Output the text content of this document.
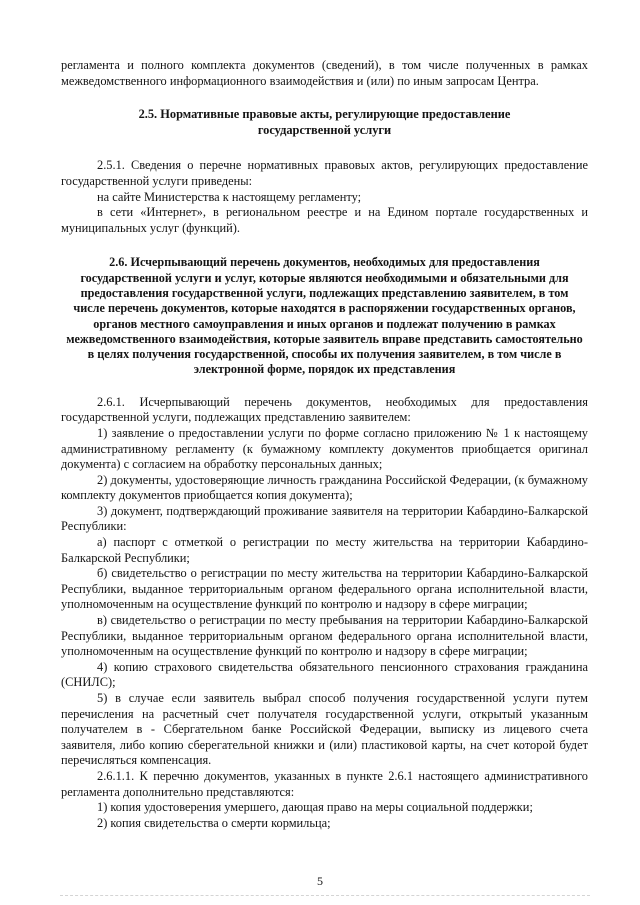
регламента и полного комплекта документов (сведений), в том числе полученных в рамках межведомственного информационного взаимодействия и (или) по иным запросам Центра.

2.5. Нормативные правовые акты, регулирующие предоставление государственной услуги

2.5.1. Сведения о перечне нормативных правовых актов, регулирующих предоставление государственной услуги приведены:

на сайте Министерства к настоящему регламенту;

в сети «Интернет», в региональном реестре и на Едином портале государственных и муниципальных услуг (функций).

2.6. Исчерпывающий перечень документов, необходимых для предоставления государственной услуги и услуг, которые являются необходимыми и обязательными для предоставления государственной услуги, подлежащих представлению заявителем, в том числе перечень документов, которые находятся в распоряжении государственных органов, органов местного самоуправления и иных органов и подлежат получению в рамках межведомственного взаимодействия, которые заявитель вправе представить самостоятельно в целях получения государственной, способы их получения заявителем, в том числе в электронной форме, порядок их представления

2.6.1. Исчерпывающий перечень документов, необходимых для предоставления государственной услуги, подлежащих представлению заявителем:

1) заявление о предоставлении услуги по форме согласно приложению № 1 к настоящему административному регламенту (к бумажному комплекту документов приобщается оригинал документа) с согласием на обработку персональных данных;

2) документы, удостоверяющие личность гражданина Российской Федерации, (к бумажному комплекту документов приобщается копия документа);

3) документ, подтверждающий проживание заявителя на территории Кабардино-Балкарской Республики:

а) паспорт с отметкой о регистрации по месту жительства на территории Кабардино-Балкарской Республики;

б) свидетельство о регистрации по месту жительства на территории Кабардино-Балкарской Республики, выданное территориальным органом федерального органа исполнительной власти, уполномоченным на осуществление функций по контролю и надзору в сфере миграции;

в) свидетельство о регистрации по месту пребывания на территории Кабардино-Балкарской Республики, выданное территориальным органом федерального органа исполнительной власти, уполномоченным на осуществление функций по контролю и надзору в сфере миграции;

4) копию страхового свидетельства обязательного пенсионного страхования гражданина (СНИЛС);

5) в случае если заявитель выбрал способ получения государственной услуги путем перечисления на расчетный счет получателя государственной услуги, открытый указанным получателем в - Сбергательном банке Российской Федерации, выписку из лицевого счета заявителя, либо копию сберегательной книжки и (или) пластиковой карты, на счет которой будет перечисляться компенсация.

2.6.1.1. К перечню документов, указанных в пункте 2.6.1 настоящего административного регламента дополнительно представляются:

1) копия удостоверения умершего, дающая право на меры социальной поддержки;

2) копия свидетельства о смерти кормильца;

5
